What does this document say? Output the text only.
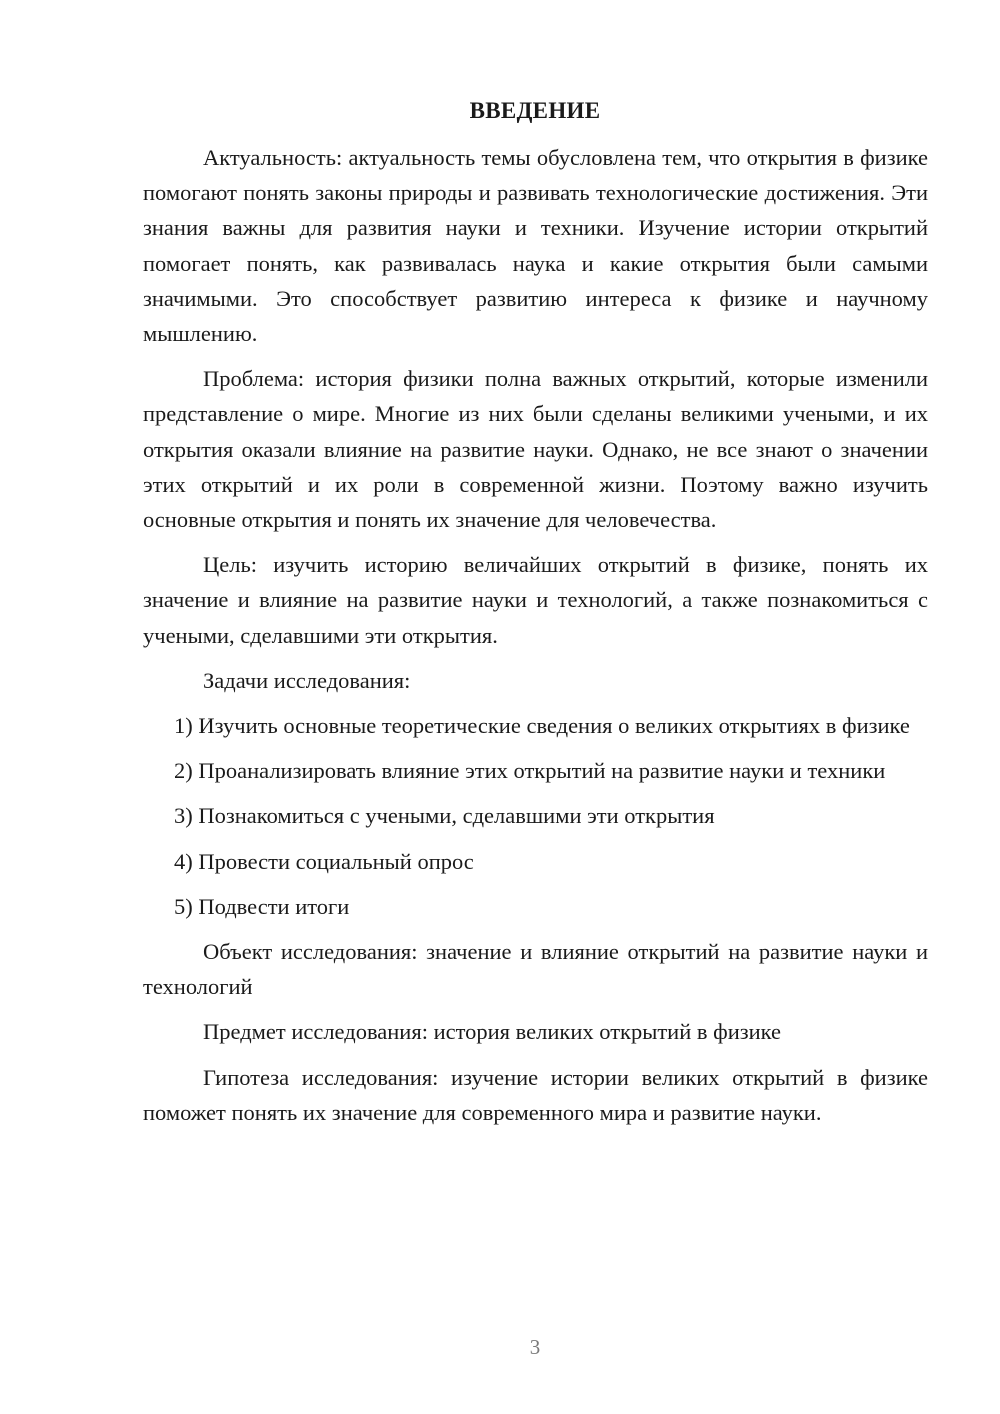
ВВЕДЕНИЕ

Актуальность: актуальность темы обусловлена тем, что открытия в физике помогают понять законы природы и развивать технологические достижения. Эти знания важны для развития науки и техники. Изучение истории открытий помогает понять, как развивалась наука и какие открытия были самыми значимыми. Это способствует развитию интереса к физике и научному мышлению.

Проблема: история физики полна важных открытий, которые изменили представление о мире. Многие из них были сделаны великими учеными, и их открытия оказали влияние на развитие науки. Однако, не все знают о значении этих открытий и их роли в современной жизни. Поэтому важно изучить основные открытия и понять их значение для человечества.

Цель: изучить историю величайших открытий в физике, понять их значение и влияние на развитие науки и технологий, а также познакомиться с учеными, сделавшими эти открытия.

Задачи исследования:

1) Изучить основные теоретические сведения о великих открытиях в физике

2) Проанализировать влияние этих открытий на развитие науки и техники

3) Познакомиться с учеными, сделавшими эти открытия

4) Провести социальный опрос

5) Подвести итоги

Объект исследования: значение и влияние открытий на развитие науки и технологий

Предмет исследования: история великих открытий в физике

Гипотеза исследования: изучение истории великих открытий в физике поможет понять их значение для современного мира и развитие науки.

3
